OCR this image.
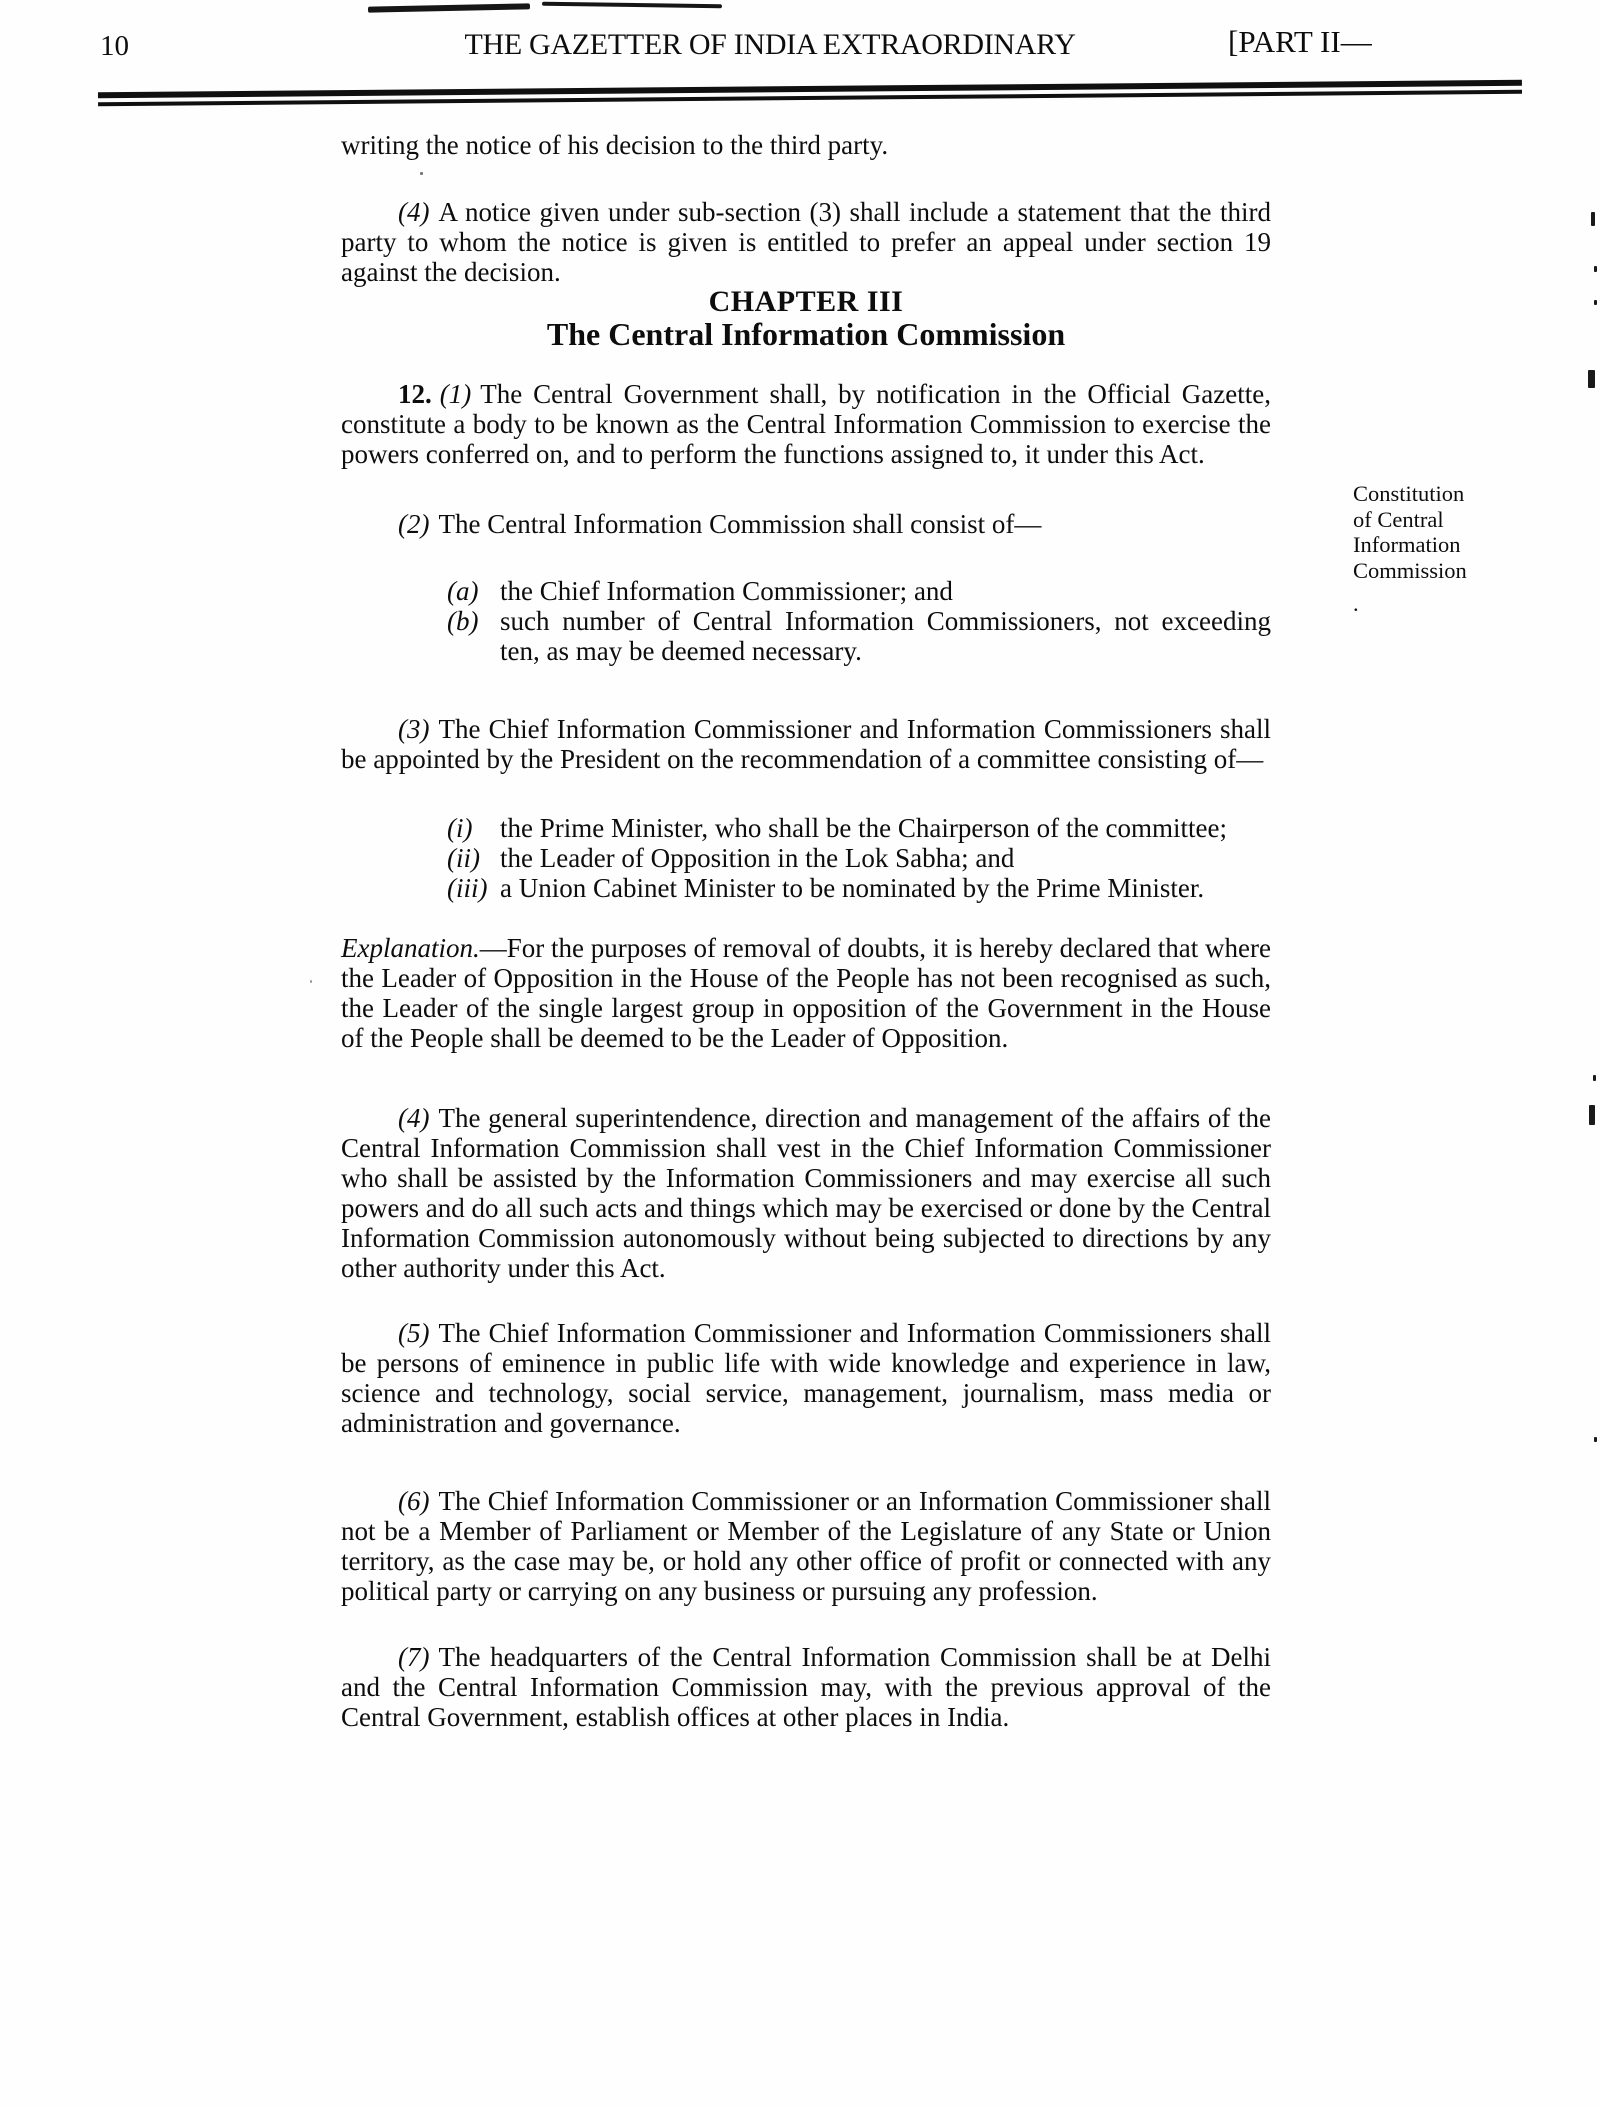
10	THE GAZETTER OF INDIA EXTRAORDINARY	[PART II—

writing the notice of his decision to the third party.

(4) A notice given under sub-section (3) shall include a statement that the third party to whom the notice is given is entitled to prefer an appeal under section 19 against the decision.

CHAPTER III
The Central Information Commission

12. (1) The Central Government shall, by notification in the Official Gazette, constitute a body to be known as the Central Information Commission to exercise the powers conferred on, and to perform the functions assigned to, it under this Act.

(2) The Central Information Commission shall consist of—

(a) the Chief Information Commissioner; and

(b) such number of Central Information Commissioners, not exceeding ten, as may be deemed necessary.

(3) The Chief Information Commissioner and Information Commissioners shall be appointed by the President on the recommendation of a committee consisting of—

(i) the Prime Minister, who shall be the Chairperson of the committee;

(ii) the Leader of Opposition in the Lok Sabha; and

(iii) a Union Cabinet Minister to be nominated by the Prime Minister.

Explanation.—For the purposes of removal of doubts, it is hereby declared that where the Leader of Opposition in the House of the People has not been recognised as such, the Leader of the single largest group in opposition of the Government in the House of the People shall be deemed to be the Leader of Opposition.

(4) The general superintendence, direction and management of the affairs of the Central Information Commission shall vest in the Chief Information Commissioner who shall be assisted by the Information Commissioners and may exercise all such powers and do all such acts and things which may be exercised or done by the Central Information Commission autonomously without being subjected to directions by any other authority under this Act.

(5) The Chief Information Commissioner and Information Commissioners shall be persons of eminence in public life with wide knowledge and experience in law, science and technology, social service, management, journalism, mass media or administration and governance.

(6) The Chief Information Commissioner or an Information Commissioner shall not be a Member of Parliament or Member of the Legislature of any State or Union territory, as the case may be, or hold any other office of profit or connected with any political party or carrying on any business or pursuing any profession.

(7) The headquarters of the Central Information Commission shall be at Delhi and the Central Information Commission may, with the previous approval of the Central Government, establish offices at other places in India.

Constitution of Central Information Commission
.
